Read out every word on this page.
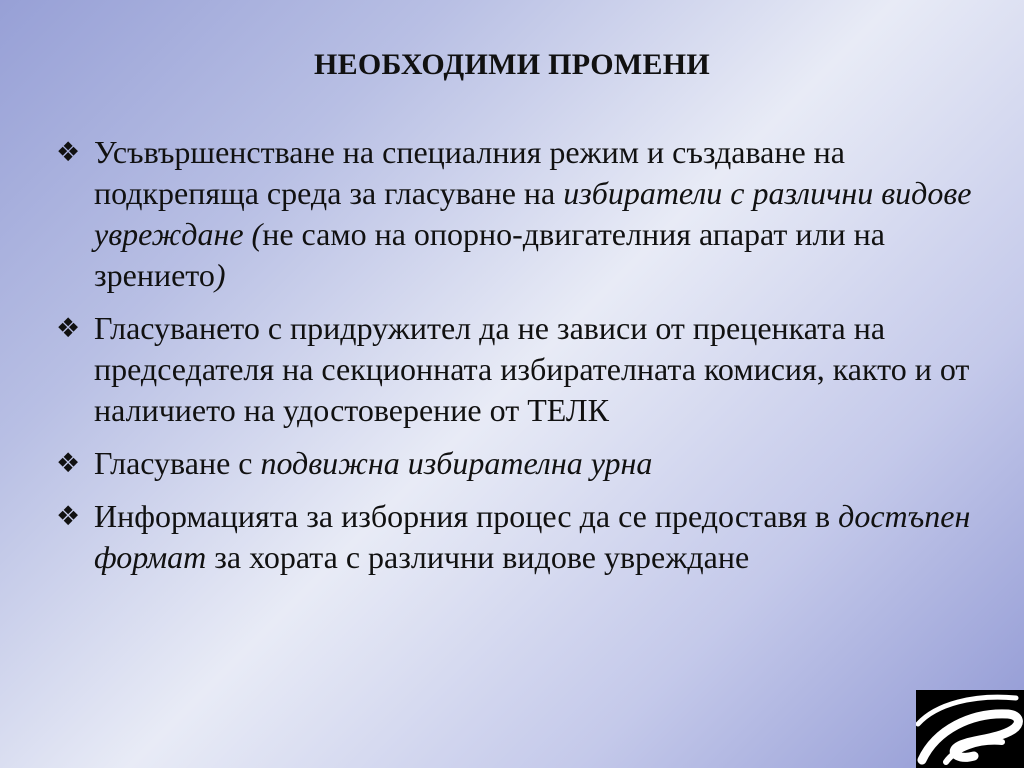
НЕОБХОДИМИ ПРОМЕНИ
❖ Усъвършенстване на специалния режим и създаване на подкрепяща среда за гласуване на избиратели с различни видове увреждане (не само на опорно-двигателния апарат или на зрението)
❖ Гласуването с придружител да не зависи от преценката на председателя на секционната избирателната комисия, както и от наличието на удостоверение от ТЕЛК
❖ Гласуване с подвижна избирателна урна
❖ Информацията за изборния процес да се предоставя в достъпен формат за хората с различни видове увреждане
